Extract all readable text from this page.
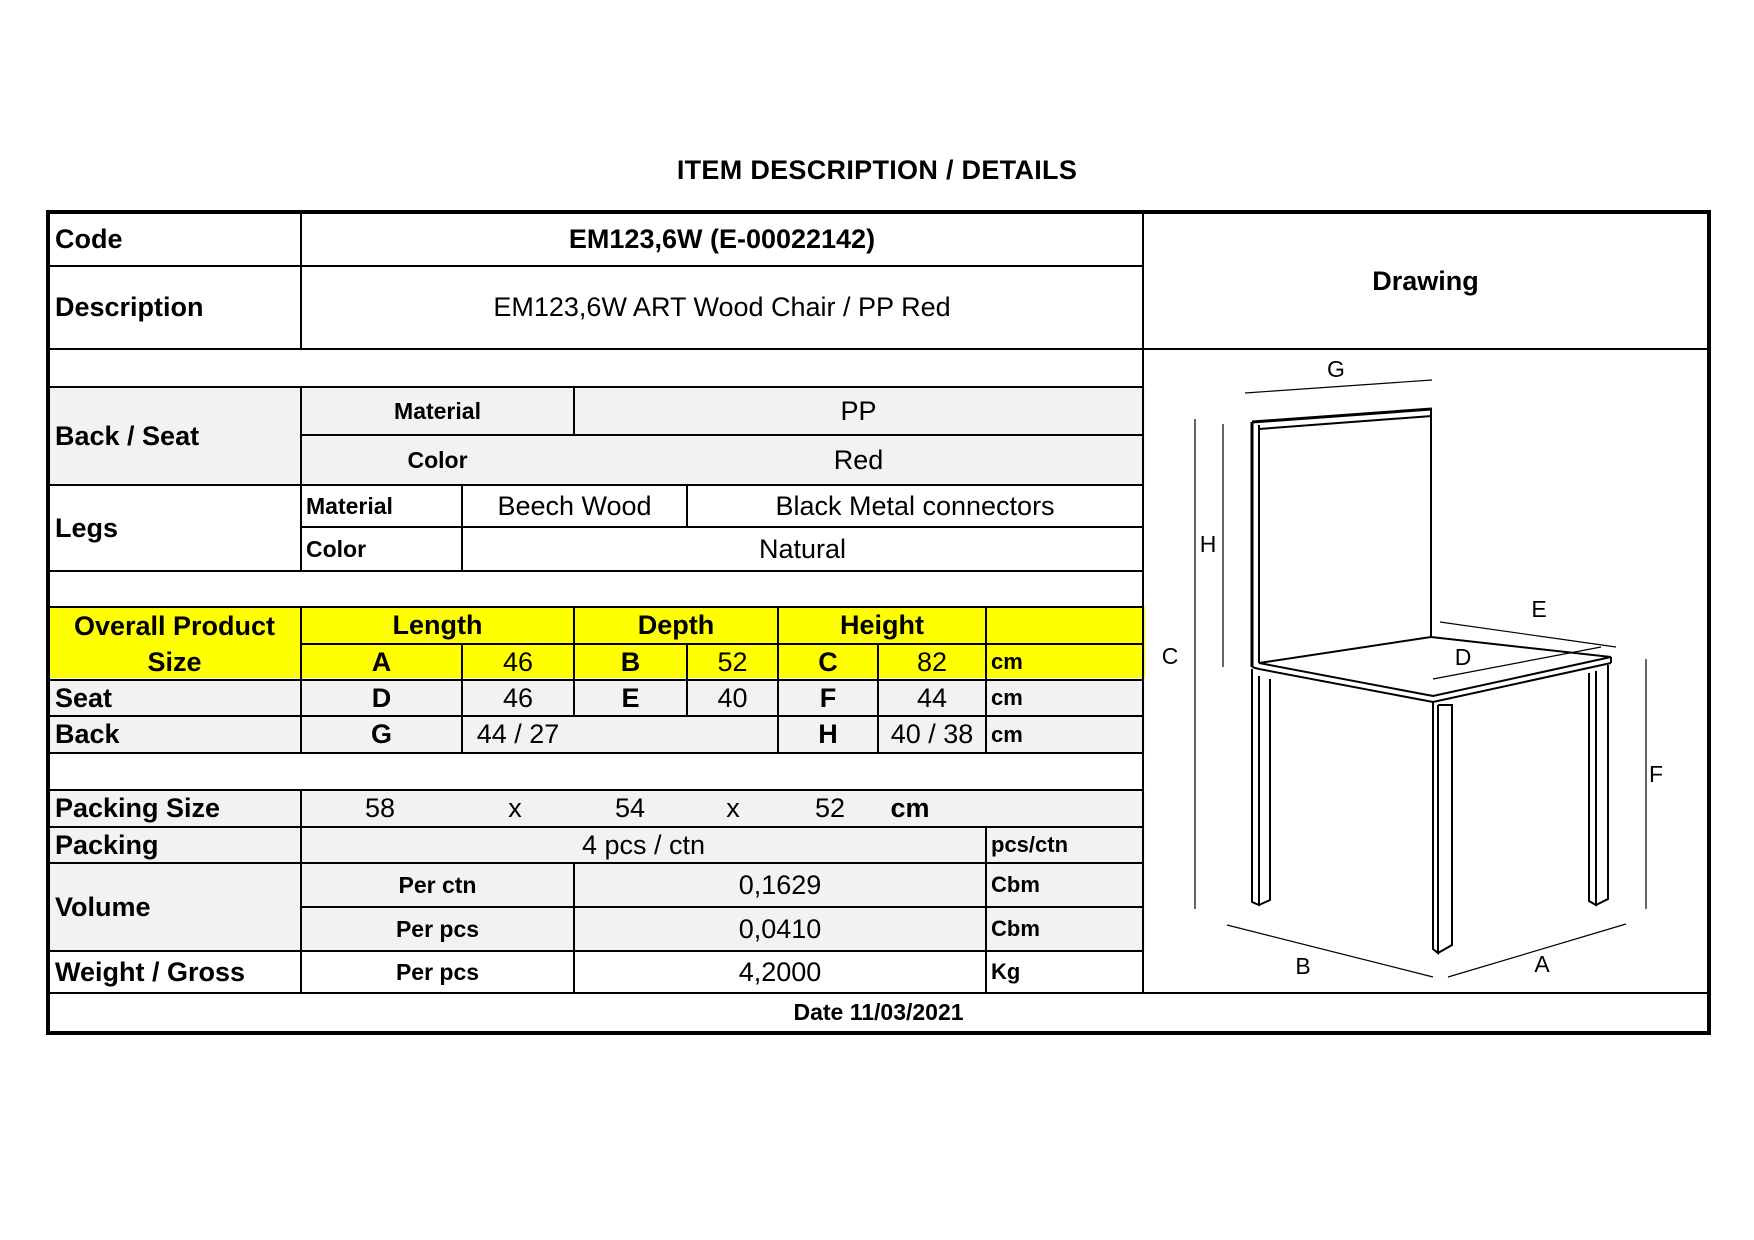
ITEM DESCRIPTION / DETAILS
Code	EM123,6W (E-00022142)
Description	EM123,6W ART Wood Chair / PP Red
Drawing
Back / Seat
Material	PP
Color	Red
Legs
Material	Beech Wood	Black Metal connectors
Color	Natural
Overall Product Size
Length	Depth	Height
A	46	B	52	C	82	cm
Seat	D	46	E	40	F	44	cm
Back	G	44 / 27	H	40 / 38 cm
Packing Size	58	x	54	x	52	cm
Packing	4 pcs / ctn	pcs/ctn
Volume
Per ctn	0,1629	Cbm
Per pcs	0,0410	Cbm
Weight / Gross	Per pcs	4,2000	Kg
Date 11/03/2021
G
H
C
E
D
F
B	A
